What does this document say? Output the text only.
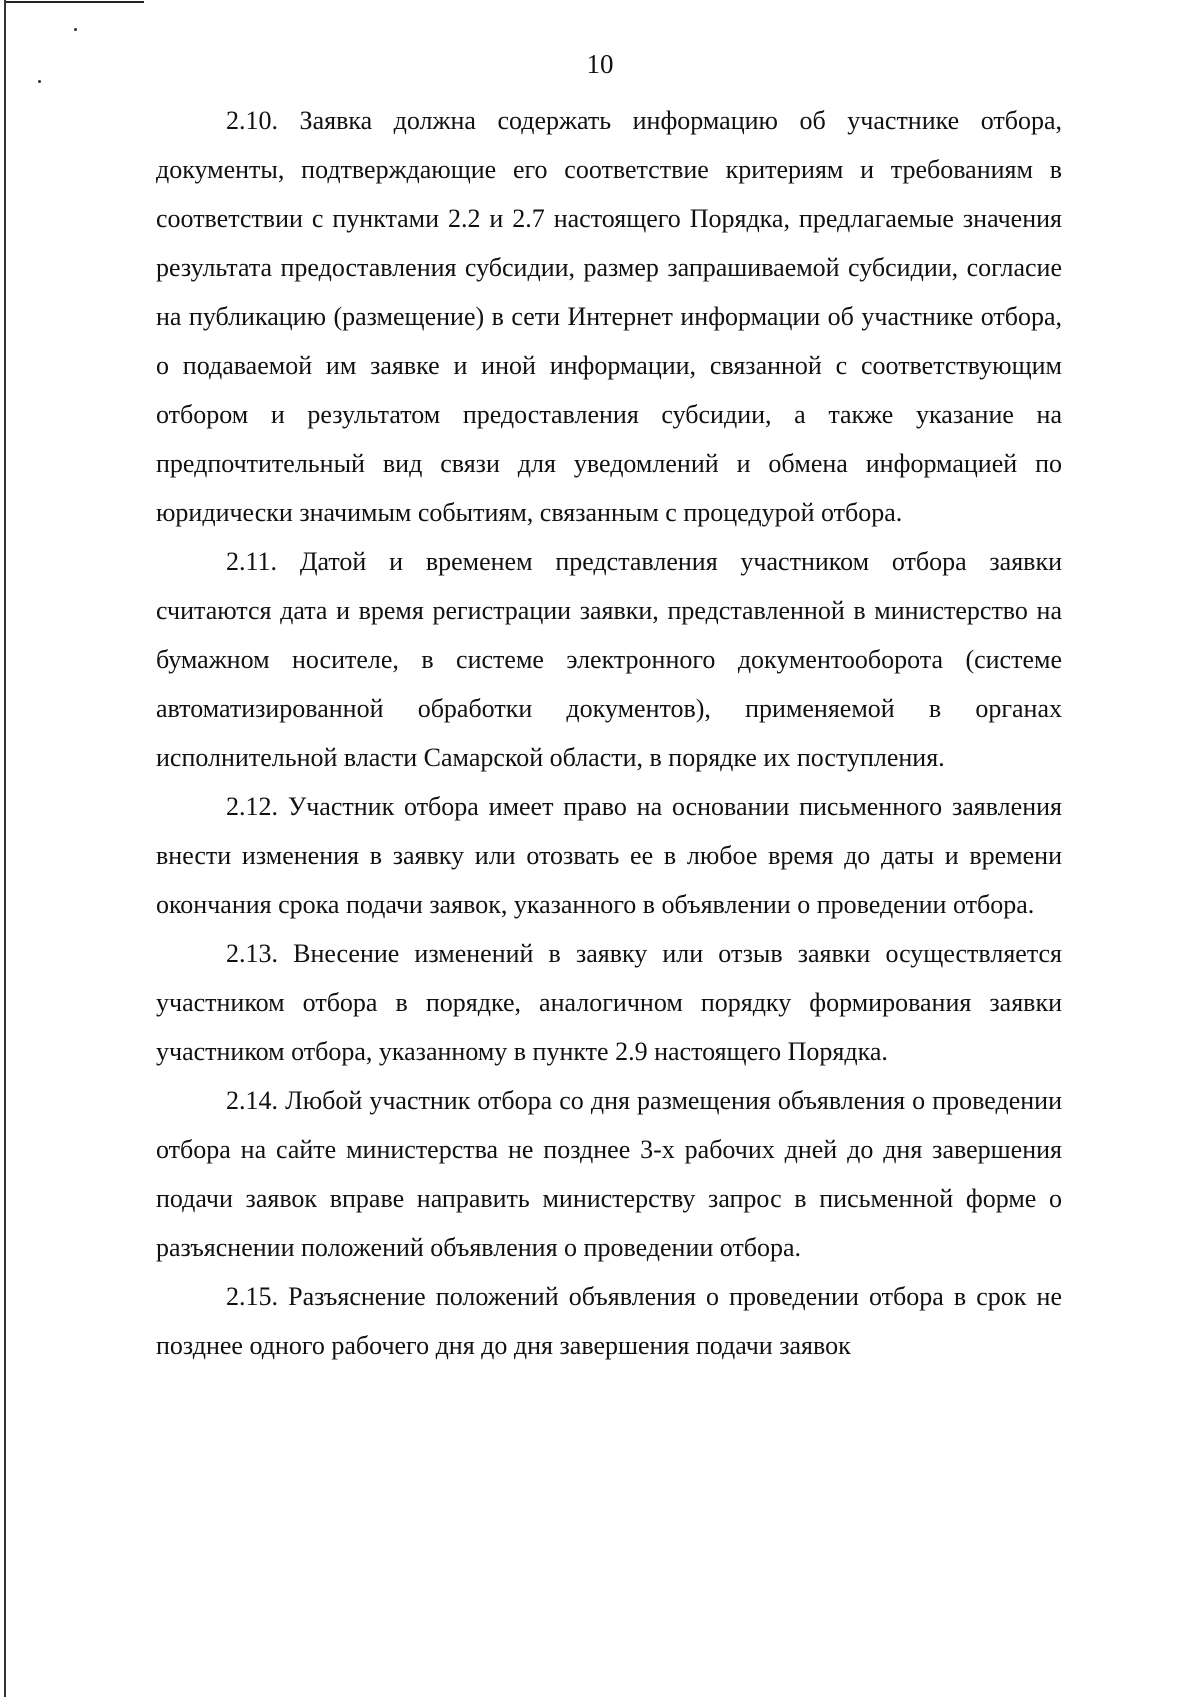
10

2.10. Заявка должна содержать информацию об участнике отбора, документы, подтверждающие его соответствие критериям и требованиям в соответствии с пунктами 2.2 и 2.7 настоящего Порядка, предлагаемые значения результата предоставления субсидии, размер запрашиваемой субсидии, согласие на публикацию (размещение) в сети Интернет информации об участнике отбора, о подаваемой им заявке и иной информации, связанной с соответствующим отбором и результатом предоставления субсидии, а также указание на предпочтительный вид связи для уведомлений и обмена информацией по юридически значимым событиям, связанным с процедурой отбора.

2.11. Датой и временем представления участником отбора заявки считаются дата и время регистрации заявки, представленной в министерство на бумажном носителе, в системе электронного документооборота (системе автоматизированной обработки документов), применяемой в органах исполнительной власти Самарской области, в порядке их поступления.

2.12. Участник отбора имеет право на основании письменного заявления внести изменения в заявку или отозвать ее в любое время до даты и времени окончания срока подачи заявок, указанного в объявлении о проведении отбора.

2.13. Внесение изменений в заявку или отзыв заявки осуществляется участником отбора в порядке, аналогичном порядку формирования заявки участником отбора, указанному в пункте 2.9 настоящего Порядка.

2.14. Любой участник отбора со дня размещения объявления о проведении отбора на сайте министерства не позднее 3-х рабочих дней до дня завершения подачи заявок вправе направить министерству запрос в письменной форме о разъяснении положений объявления о проведении отбора.

2.15. Разъяснение положений объявления о проведении отбора в срок не позднее одного рабочего дня до дня завершения подачи заявок
